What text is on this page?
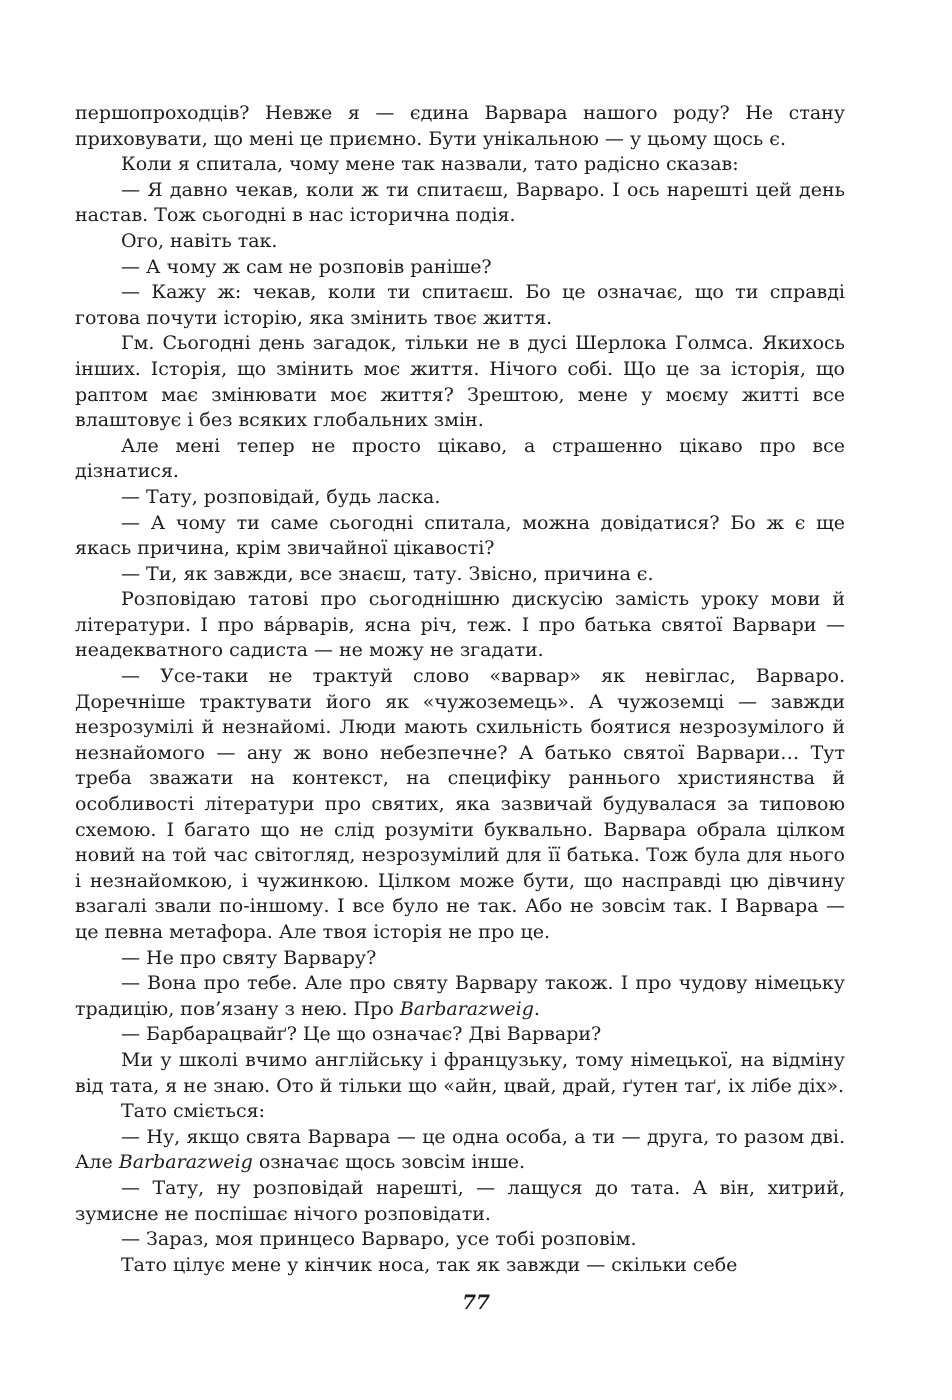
першопроходців? Невже я — єдина Варвара нашого роду? Не стану приховувати, що мені це приємно. Бути унікальною — у цьому щось є.

Коли я спитала, чому мене так назвали, тато радісно сказав:

— Я давно чекав, коли ж ти спитаєш, Варваро. І ось нарешті цей день настав. Тож сьогодні в нас історична подія.

Ого, навіть так.

— А чому ж сам не розповів раніше?

— Кажу ж: чекав, коли ти спитаєш. Бо це означає, що ти справді готова почути історію, яка змінить твоє життя.

Гм. Сьогодні день загадок, тільки не в дусі Шерлока Голмса. Якихось інших. Історія, що змінить моє життя. Нічого собі. Що це за історія, що раптом має змінювати моє життя? Зрештою, мене у моєму житті все влаштовує і без всяких глобальних змін.

Але мені тепер не просто цікаво, а страшенно цікаво про все дізнатися.

— Тату, розповідай, будь ласка.

— А чому ти саме сьогодні спитала, можна довідатися? Бо ж є ще якась причина, крім звичайної цікавості?

— Ти, як завжди, все знаєш, тату. Звісно, причина є.

Розповідаю татові про сьогоднішню дискусію замість уроку мови й літератури. І про ва́рварів, ясна річ, теж. І про батька святої Варвари — неадекватного садиста — не можу не згадати.

— Усе-таки не трактуй слово «варвар» як невіглас, Варваро. Доречніше трактувати його як «чужоземець». А чужоземці — завжди незрозумілі й незнайомі. Люди мають схильність боятися незрозумілого й незнайомого — ану ж воно небезпечне? А батько святої Варвари… Тут треба зважати на контекст, на специфіку раннього християнства й особливості літератури про святих, яка зазвичай будувалася за типовою схемою. І багато що не слід розуміти буквально. Варвара обрала цілком новий на той час світогляд, незрозумілий для її батька. Тож була для нього і незнайомкою, і чужинкою. Цілком може бути, що насправді цю дівчину взагалі звали по-іншому. І все було не так. Або не зовсім так. І Варвара — це певна метафора. Але твоя історія не про це.

— Не про святу Варвару?

— Вона про тебе. Але про святу Варвару також. І про чудову німецьку традицію, пов’язану з нею. Про Barbarazweig.

— Барбарацвайґ? Це що означає? Дві Варвари?

Ми у школі вчимо англійську і французьку, тому німецької, на відміну від тата, я не знаю. Ото й тільки що «айн, цвай, драй, ґутен таґ, іх лібе діх».

Тато сміється:

— Ну, якщо свята Варвара — це одна особа, а ти — друга, то разом дві. Але Barbarazweig означає щось зовсім інше.

— Тату, ну розповідай нарешті, — лащуся до тата. А він, хитрий, зумисне не поспішає нічого розповідати.

— Зараз, моя принцесо Варваро, усе тобі розповім.

Тато цілує мене у кінчик носа, так як завжди — скільки себе

77
